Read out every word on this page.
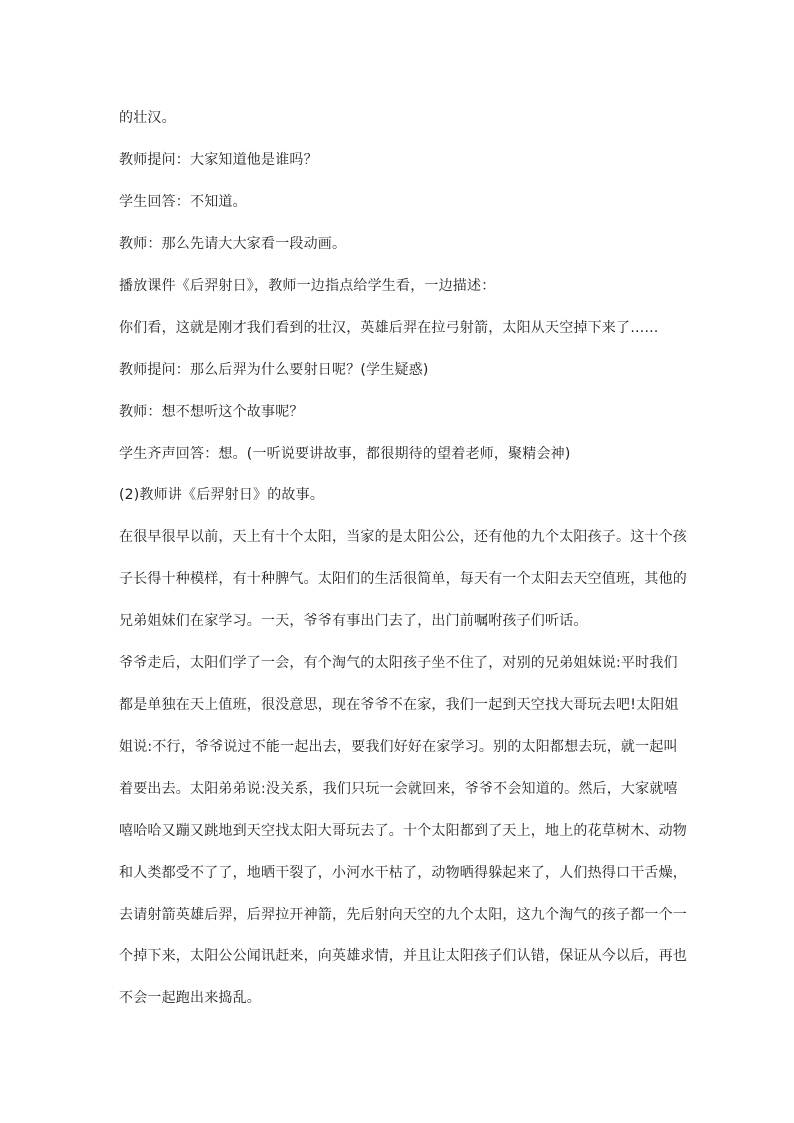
的壮汉。
教师提问：大家知道他是谁吗？
学生回答：不知道。
教师：那么先请大大家看一段动画。
播放课件《后羿射日》，教师一边指点给学生看，一边描述：
你们看，这就是刚才我们看到的壮汉，英雄后羿在拉弓射箭，太阳从天空掉下来了……
教师提问：那么后羿为什么要射日呢？(学生疑惑)
教师：想不想听这个故事呢？
学生齐声回答：想。(一听说要讲故事，都很期待的望着老师，聚精会神)
(2)教师讲《后羿射日》的故事。
在很早很早以前，天上有十个太阳，当家的是太阳公公，还有他的九个太阳孩子。这十个孩
子长得十种模样，有十种脾气。太阳们的生活很简单，每天有一个太阳去天空值班，其他的
兄弟姐妹们在家学习。一天，爷爷有事出门去了，出门前嘱咐孩子们听话。
爷爷走后，太阳们学了一会，有个淘气的太阳孩子坐不住了，对别的兄弟姐妹说:平时我们
都是单独在天上值班，很没意思，现在爷爷不在家，我们一起到天空找大哥玩去吧!太阳姐
姐说:不行，爷爷说过不能一起出去，要我们好好在家学习。别的太阳都想去玩，就一起叫
着要出去。太阳弟弟说:没关系，我们只玩一会就回来，爷爷不会知道的。然后，大家就嘻
嘻哈哈又蹦又跳地到天空找太阳大哥玩去了。十个太阳都到了天上，地上的花草树木、动物
和人类都受不了了，地晒干裂了，小河水干枯了，动物晒得躲起来了，人们热得口干舌燥，
去请射箭英雄后羿，后羿拉开神箭，先后射向天空的九个太阳，这九个淘气的孩子都一个一
个掉下来，太阳公公闻讯赶来，向英雄求情，并且让太阳孩子们认错，保证从今以后，再也
不会一起跑出来捣乱。
